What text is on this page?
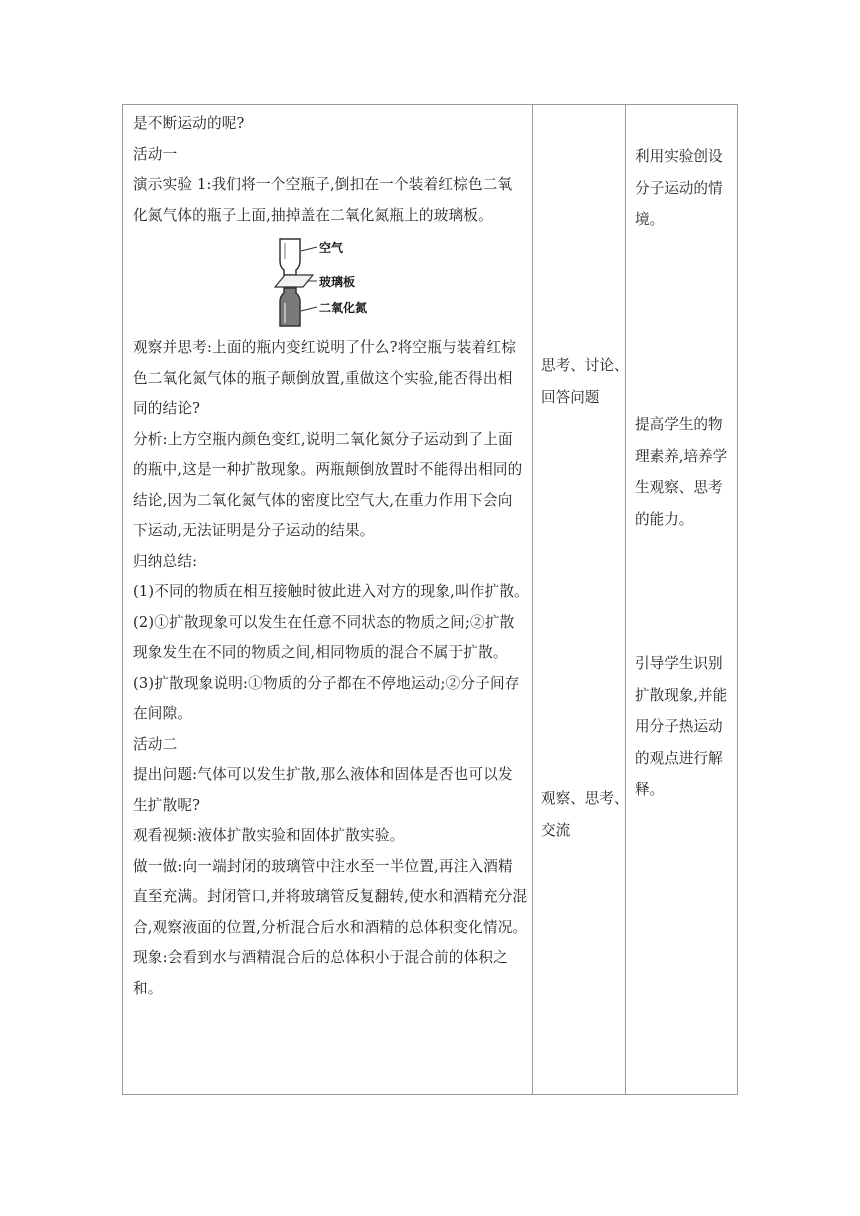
是不断运动的呢?
活动一
演示实验 1:我们将一个空瓶子,倒扣在一个装着红棕色二氧
化氮气体的瓶子上面,抽掉盖在二氧化氮瓶上的玻璃板。
空气
玻璃板
二氧化氮
观察并思考:上面的瓶内变红说明了什么?将空瓶与装着红棕
色二氧化氮气体的瓶子颠倒放置,重做这个实验,能否得出相
同的结论?
分析:上方空瓶内颜色变红,说明二氧化氮分子运动到了上面
的瓶中,这是一种扩散现象。两瓶颠倒放置时不能得出相同的
结论,因为二氧化氮气体的密度比空气大,在重力作用下会向
下运动,无法证明是分子运动的结果。
归纳总结:
(1)不同的物质在相互接触时彼此进入对方的现象,叫作扩散。
(2)①扩散现象可以发生在任意不同状态的物质之间;②扩散
现象发生在不同的物质之间,相同物质的混合不属于扩散。
(3)扩散现象说明:①物质的分子都在不停地运动;②分子间存
在间隙。
活动二
提出问题:气体可以发生扩散,那么液体和固体是否也可以发
生扩散呢?
观看视频:液体扩散实验和固体扩散实验。
做一做:向一端封闭的玻璃管中注水至一半位置,再注入酒精
直至充满。封闭管口,并将玻璃管反复翻转,使水和酒精充分混
合,观察液面的位置,分析混合后水和酒精的总体积变化情况。
现象:会看到水与酒精混合后的总体积小于混合前的体积之
和。
思考、讨论、
回答问题
观察、思考、
交流
利用实验创设
分子运动的情
境。
提高学生的物
理素养,培养学
生观察、思考
的能力。
引导学生识别
扩散现象,并能
用分子热运动
的观点进行解
释。
